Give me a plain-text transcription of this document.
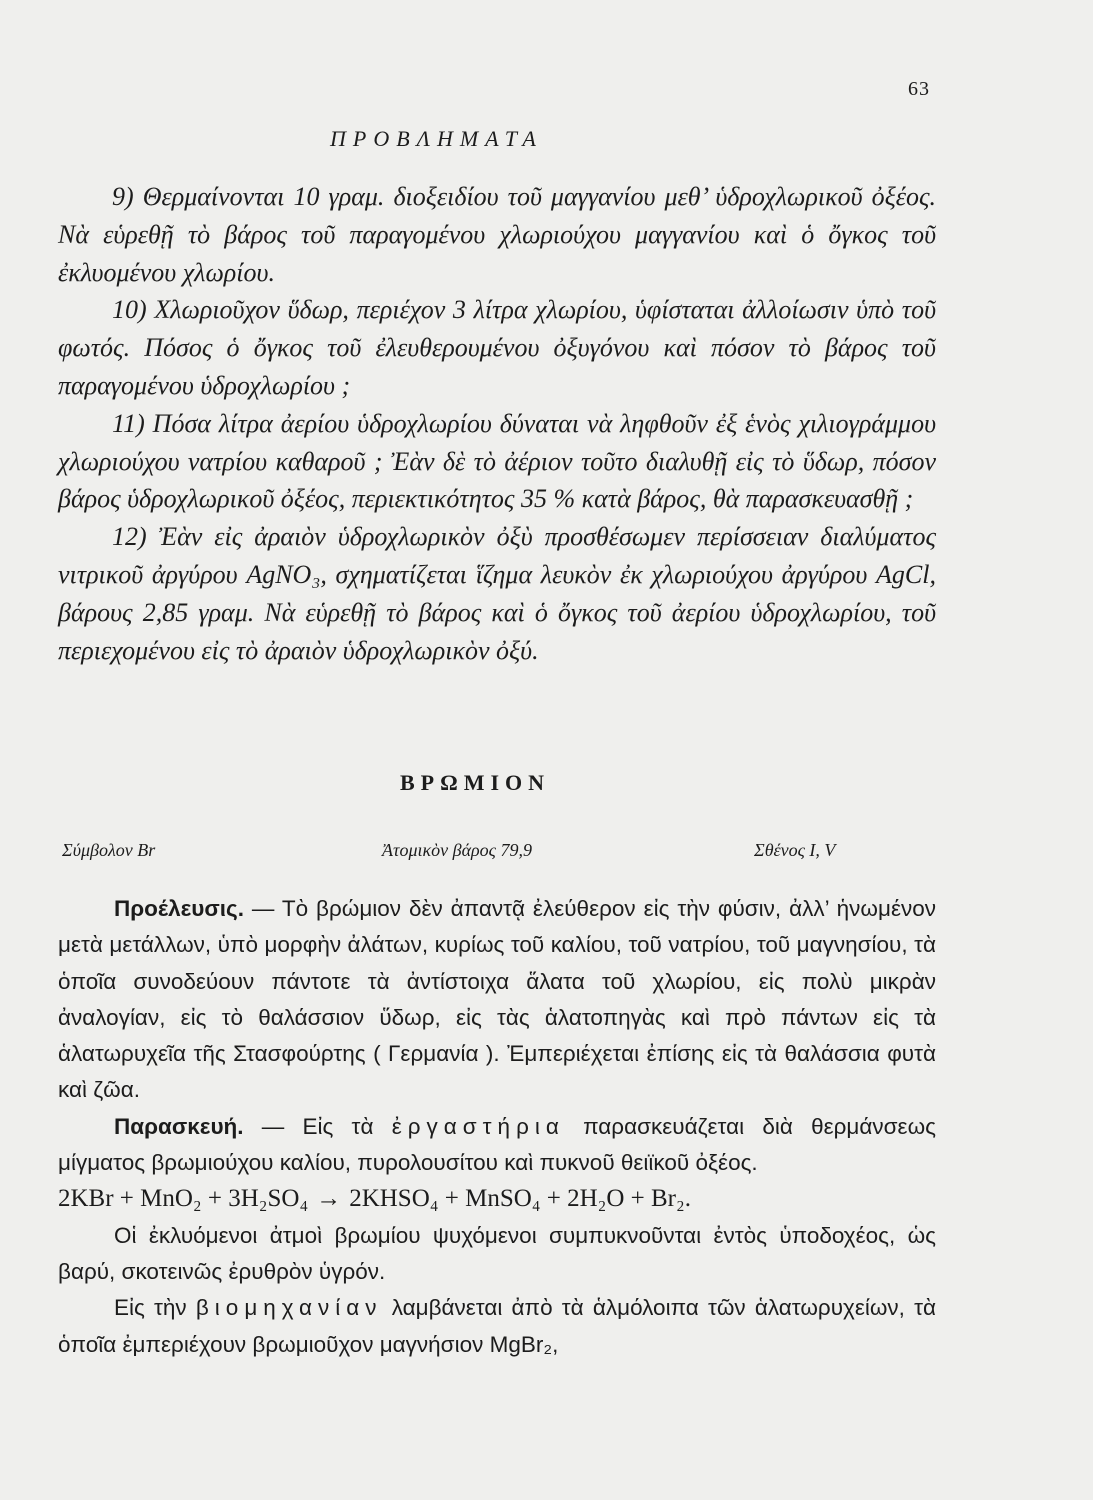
63
ΠΡΟΒΛΗΜΑΤΑ

9) Θερμαίνονται 10 γραμ. διοξειδίου τοῦ μαγγανίου μεθ’ ὑδροχλωρικοῦ ὀξέος. Νὰ εὑρεθῇ τὸ βάρος τοῦ παραγομένου χλωριούχου μαγγανίου καὶ ὁ ὄγκος τοῦ ἐκλυομένου χλωρίου.

10) Χλωριοῦχον ὕδωρ, περιέχον 3 λίτρα χλωρίου, ὑφίσταται ἀλλοίωσιν ὑπὸ τοῦ φωτός. Πόσος ὁ ὄγκος τοῦ ἐλευθερουμένου ὀξυγόνου καὶ πόσον τὸ βάρος τοῦ παραγομένου ὑδροχλωρίου ;

11) Πόσα λίτρα ἀερίου ὑδροχλωρίου δύναται νὰ ληφθοῦν ἐξ ἑνὸς χιλιογράμμου χλωριούχου νατρίου καθαροῦ ; Ἐὰν δὲ τὸ ἀέριον τοῦτο διαλυθῇ εἰς τὸ ὕδωρ, πόσον βάρος ὑδροχλωρικοῦ ὀξέος, περιεκτικότητος 35 % κατὰ βάρος, θὰ παρασκευασθῇ ;

12) Ἐὰν εἰς ἀραιὸν ὑδροχλωρικὸν ὀξὺ προσθέσωμεν περίσσειαν διαλύματος νιτρικοῦ ἀργύρου AgNO₃, σχηματίζεται ἵζημα λευκὸν ἐκ χλωριούχου ἀργύρου AgCl, βάρους 2,85 γραμ. Νὰ εὑρεθῇ τὸ βάρος καὶ ὁ ὄγκος τοῦ ἀερίου ὑδροχλωρίου, τοῦ περιεχομένου εἰς τὸ ἀραιὸν ὑδροχλωρικὸν ὀξύ.

ΒΡΩΜΙΟΝ
Σύμβολον Br	Ἀτομικὸν βάρος 79,9	Σθένος I, V

Προέλευσις. — Τὸ βρώμιον δὲν ἀπαντᾷ ἐλεύθερον εἰς τὴν φύσιν, ἀλλ’ ἡνωμένον μετὰ μετάλλων, ὑπὸ μορφὴν ἀλάτων, κυρίως τοῦ καλίου, τοῦ νατρίου, τοῦ μαγνησίου, τὰ ὁποῖα συνοδεύουν πάντοτε τὰ ἀντίστοιχα ἅλατα τοῦ χλωρίου, εἰς πολὺ μικρὰν ἀναλογίαν, εἰς τὸ θαλάσσιον ὕδωρ, εἰς τὰς ἁλατοπηγὰς καὶ πρὸ πάντων εἰς τὰ ἁλατωρυχεῖα τῆς Στασφούρτης ( Γερμανία ). Ἐμπεριέχεται ἐπίσης εἰς τὰ θαλάσσια φυτὰ καὶ ζῶα.

Παρασκευή. — Εἰς τὰ ἐργαστήρια παρασκευάζεται διὰ θερμάνσεως μίγματος βρωμιούχου καλίου, πυρολουσίτου καὶ πυκνοῦ θειϊκοῦ ὀξέος.

2KBr + MnO₂ + 3H₂SO₄ → 2KHSO₄ + MnSO₄ + 2H₂O + Br₂.

Οἱ ἐκλυόμενοι ἀτμοὶ βρωμίου ψυχόμενοι συμπυκνοῦνται ἐντὸς ὑποδοχέος, ὡς βαρύ, σκοτεινῶς ἐρυθρὸν ὑγρόν.

Εἰς τὴν βιομηχανίαν λαμβάνεται ἀπὸ τὰ ἁλμόλοιπα τῶν ἁλατωρυχείων, τὰ ὁποῖα ἐμπεριέχουν βρωμιοῦχον μαγνήσιον MgBr₂,
